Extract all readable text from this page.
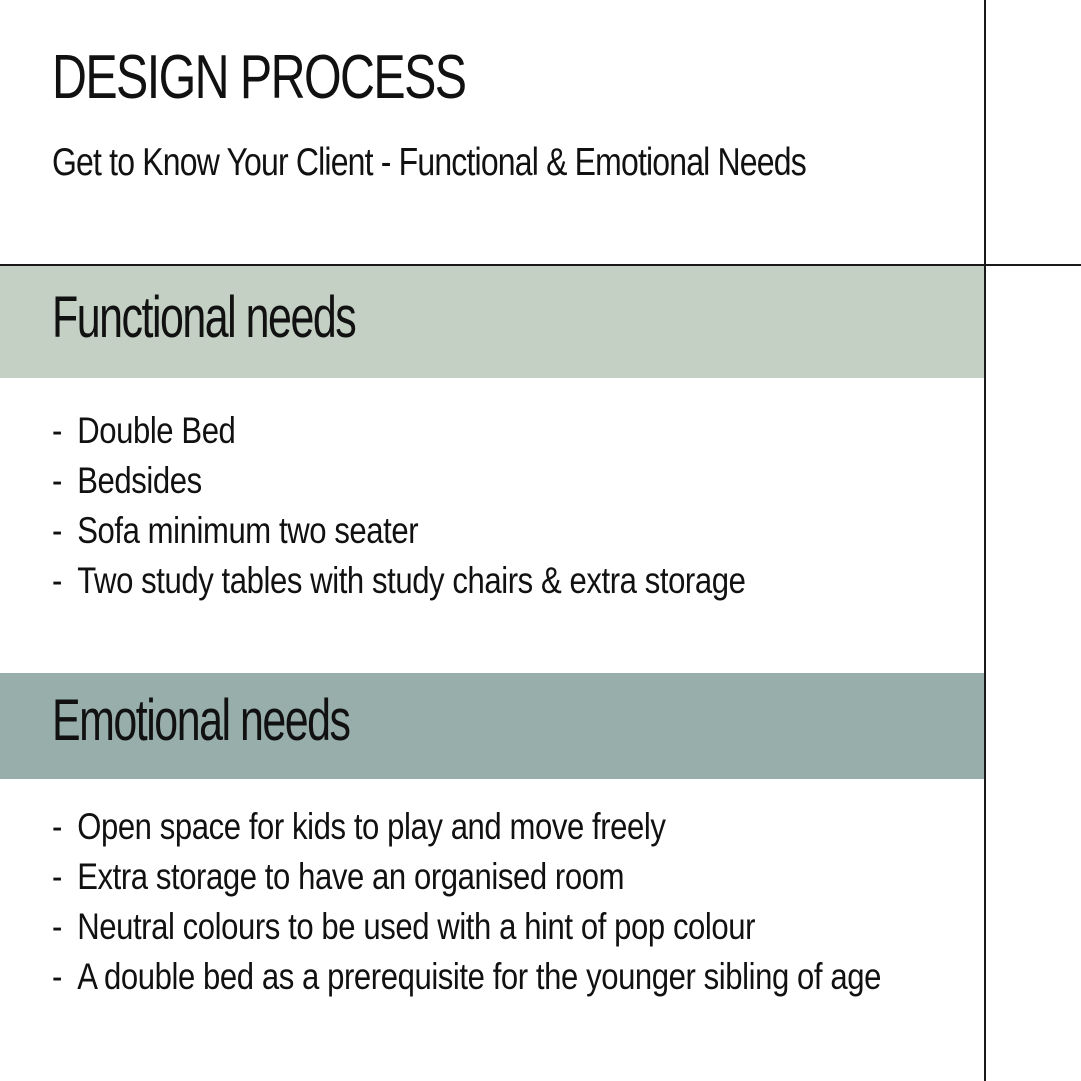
DESIGN PROCESS

Get to Know Your Client - Functional & Emotional Needs

Functional needs
- Double Bed
- Bedsides
- Sofa minimum two seater
- Two study tables with study chairs & extra storage
Emotional needs
- Open space for kids to play and move freely
- Extra storage to have an organised room
- Neutral colours to be used with a hint of pop colour
- A double bed as a prerequisite for the younger sibling of age
